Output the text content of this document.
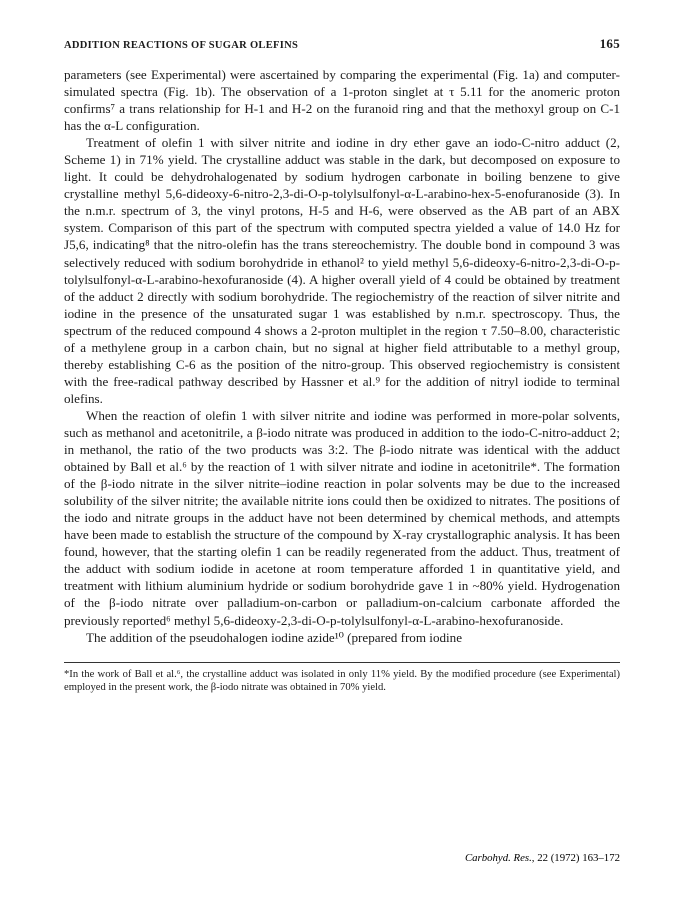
ADDITION REACTIONS OF SUGAR OLEFINS	165

parameters (see Experimental) were ascertained by comparing the experimental (Fig. 1a) and computer-simulated spectra (Fig. 1b). The observation of a 1-proton singlet at τ 5.11 for the anomeric proton confirms⁷ a trans relationship for H-1 and H-2 on the furanoid ring and that the methoxyl group on C-1 has the α-L configuration.

Treatment of olefin 1 with silver nitrite and iodine in dry ether gave an iodo-C-nitro adduct (2, Scheme 1) in 71% yield. The crystalline adduct was stable in the dark, but decomposed on exposure to light. It could be dehydrohalogenated by sodium hydrogen carbonate in boiling benzene to give crystalline methyl 5,6-dideoxy-6-nitro-2,3-di-O-p-tolylsulfonyl-α-L-arabino-hex-5-enofuranoside (3). In the n.m.r. spectrum of 3, the vinyl protons, H-5 and H-6, were observed as the AB part of an ABX system. Comparison of this part of the spectrum with computed spectra yielded a value of 14.0 Hz for J5,6, indicating⁸ that the nitro-olefin has the trans stereochemistry. The double bond in compound 3 was selectively reduced with sodium borohydride in ethanol² to yield methyl 5,6-dideoxy-6-nitro-2,3-di-O-p-tolylsulfonyl-α-L-arabino-hexofuranoside (4). A higher overall yield of 4 could be obtained by treatment of the adduct 2 directly with sodium borohydride. The regiochemistry of the reaction of silver nitrite and iodine in the presence of the unsaturated sugar 1 was established by n.m.r. spectroscopy. Thus, the spectrum of the reduced compound 4 shows a 2-proton multiplet in the region τ 7.50–8.00, characteristic of a methylene group in a carbon chain, but no signal at higher field attributable to a methyl group, thereby establishing C-6 as the position of the nitro-group. This observed regiochemistry is consistent with the free-radical pathway described by Hassner et al.⁹ for the addition of nitryl iodide to terminal olefins.

When the reaction of olefin 1 with silver nitrite and iodine was performed in more-polar solvents, such as methanol and acetonitrile, a β-iodo nitrate was produced in addition to the iodo-C-nitro-adduct 2; in methanol, the ratio of the two products was 3:2. The β-iodo nitrate was identical with the adduct obtained by Ball et al.⁶ by the reaction of 1 with silver nitrate and iodine in acetonitrile*. The formation of the β-iodo nitrate in the silver nitrite–iodine reaction in polar solvents may be due to the increased solubility of the silver nitrite; the available nitrite ions could then be oxidized to nitrates. The positions of the iodo and nitrate groups in the adduct have not been determined by chemical methods, and attempts have been made to establish the structure of the compound by X-ray crystallographic analysis. It has been found, however, that the starting olefin 1 can be readily regenerated from the adduct. Thus, treatment of the adduct with sodium iodide in acetone at room temperature afforded 1 in quantitative yield, and treatment with lithium aluminium hydride or sodium borohydride gave 1 in ~80% yield. Hydrogenation of the β-iodo nitrate over palladium-on-carbon or palladium-on-calcium carbonate afforded the previously reported⁶ methyl 5,6-dideoxy-2,3-di-O-p-tolylsulfonyl-α-L-arabino-hexofuranoside.

The addition of the pseudohalogen iodine azide¹⁰ (prepared from iodine

*In the work of Ball et al.⁶, the crystalline adduct was isolated in only 11% yield. By the modified procedure (see Experimental) employed in the present work, the β-iodo nitrate was obtained in 70% yield.

Carbohyd. Res., 22 (1972) 163–172
